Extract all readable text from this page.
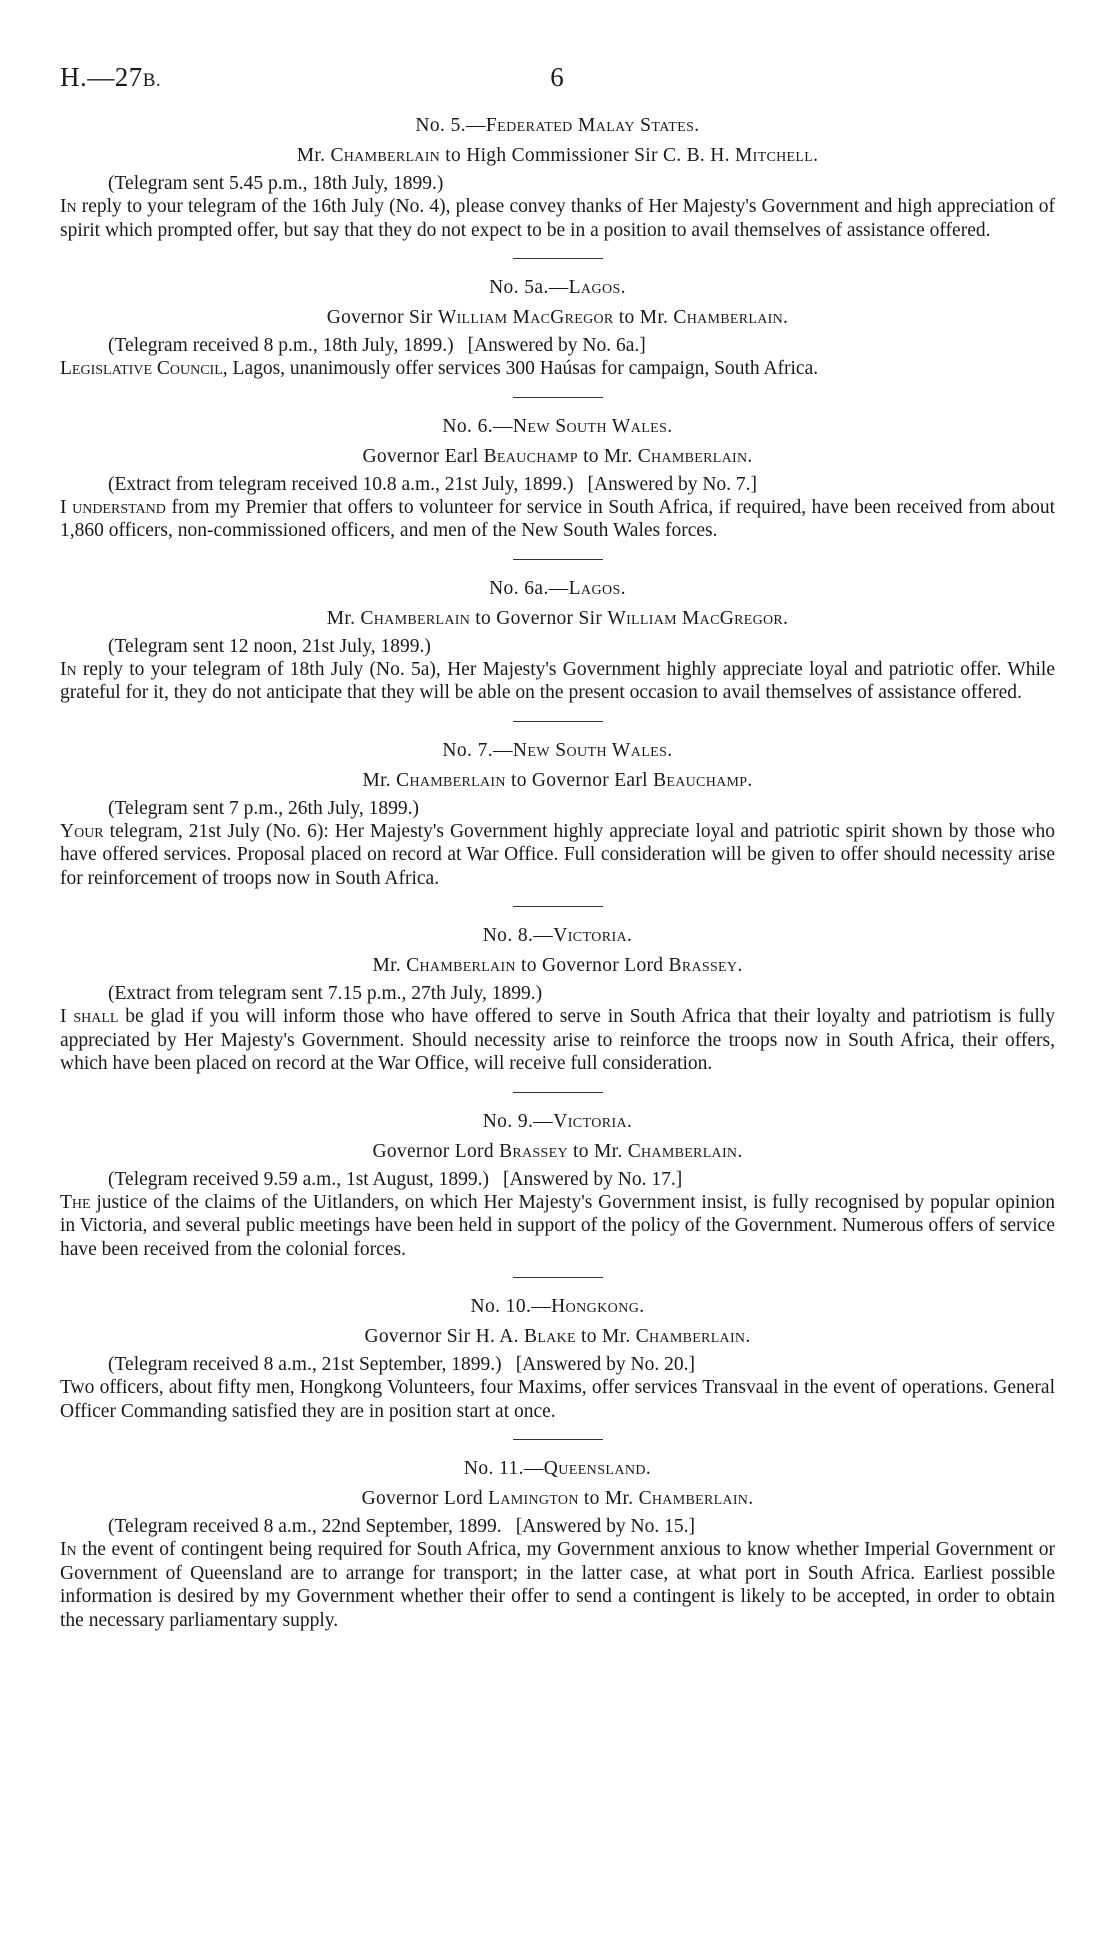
H.—27B.	6
No. 5.—Federated Malay States.
Mr. Chamberlain to High Commissioner Sir C. B. H. Mitchell.
(Telegram sent 5.45 p.m., 18th July, 1899.)
In reply to your telegram of the 16th July (No. 4), please convey thanks of Her Majesty's Government and high appreciation of spirit which prompted offer, but say that they do not expect to be in a position to avail themselves of assistance offered.
No. 5a.—Lagos.
Governor Sir William MacGregor to Mr. Chamberlain.
(Telegram received 8 p.m., 18th July, 1899.) [Answered by No. 6a.]
Legislative Council, Lagos, unanimously offer services 300 Haúsas for campaign, South Africa.
No. 6.—New South Wales.
Governor Earl Beauchamp to Mr. Chamberlain.
(Extract from telegram received 10.8 a.m., 21st July, 1899.) [Answered by No. 7.]
I understand from my Premier that offers to volunteer for service in South Africa, if required, have been received from about 1,860 officers, non-commissioned officers, and men of the New South Wales forces.
No. 6a.—Lagos.
Mr. Chamberlain to Governor Sir William MacGregor.
(Telegram sent 12 noon, 21st July, 1899.)
In reply to your telegram of 18th July (No. 5a), Her Majesty's Government highly appreciate loyal and patriotic offer. While grateful for it, they do not anticipate that they will be able on the present occasion to avail themselves of assistance offered.
No. 7.—New South Wales.
Mr. Chamberlain to Governor Earl Beauchamp.
(Telegram sent 7 p.m., 26th July, 1899.)
Your telegram, 21st July (No. 6): Her Majesty's Government highly appreciate loyal and patriotic spirit shown by those who have offered services. Proposal placed on record at War Office. Full consideration will be given to offer should necessity arise for reinforcement of troops now in South Africa.
No. 8.—Victoria.
Mr. Chamberlain to Governor Lord Brassey.
(Extract from telegram sent 7.15 p.m., 27th July, 1899.)
I shall be glad if you will inform those who have offered to serve in South Africa that their loyalty and patriotism is fully appreciated by Her Majesty's Government. Should necessity arise to reinforce the troops now in South Africa, their offers, which have been placed on record at the War Office, will receive full consideration.
No. 9.—Victoria.
Governor Lord Brassey to Mr. Chamberlain.
(Telegram received 9.59 a.m., 1st August, 1899.) [Answered by No. 17.]
The justice of the claims of the Uitlanders, on which Her Majesty's Government insist, is fully recognised by popular opinion in Victoria, and several public meetings have been held in support of the policy of the Government. Numerous offers of service have been received from the colonial forces.
No. 10.—Hongkong.
Governor Sir H. A. Blake to Mr. Chamberlain.
(Telegram received 8 a.m., 21st September, 1899.) [Answered by No. 20.]
Two officers, about fifty men, Hongkong Volunteers, four Maxims, offer services Transvaal in the event of operations. General Officer Commanding satisfied they are in position start at once.
No. 11.—Queensland.
Governor Lord Lamington to Mr. Chamberlain.
(Telegram received 8 a.m., 22nd September, 1899. [Answered by No. 15.]
In the event of contingent being required for South Africa, my Government anxious to know whether Imperial Government or Government of Queensland are to arrange for transport; in the latter case, at what port in South Africa. Earliest possible information is desired by my Government whether their offer to send a contingent is likely to be accepted, in order to obtain the necessary parliamentary supply.
